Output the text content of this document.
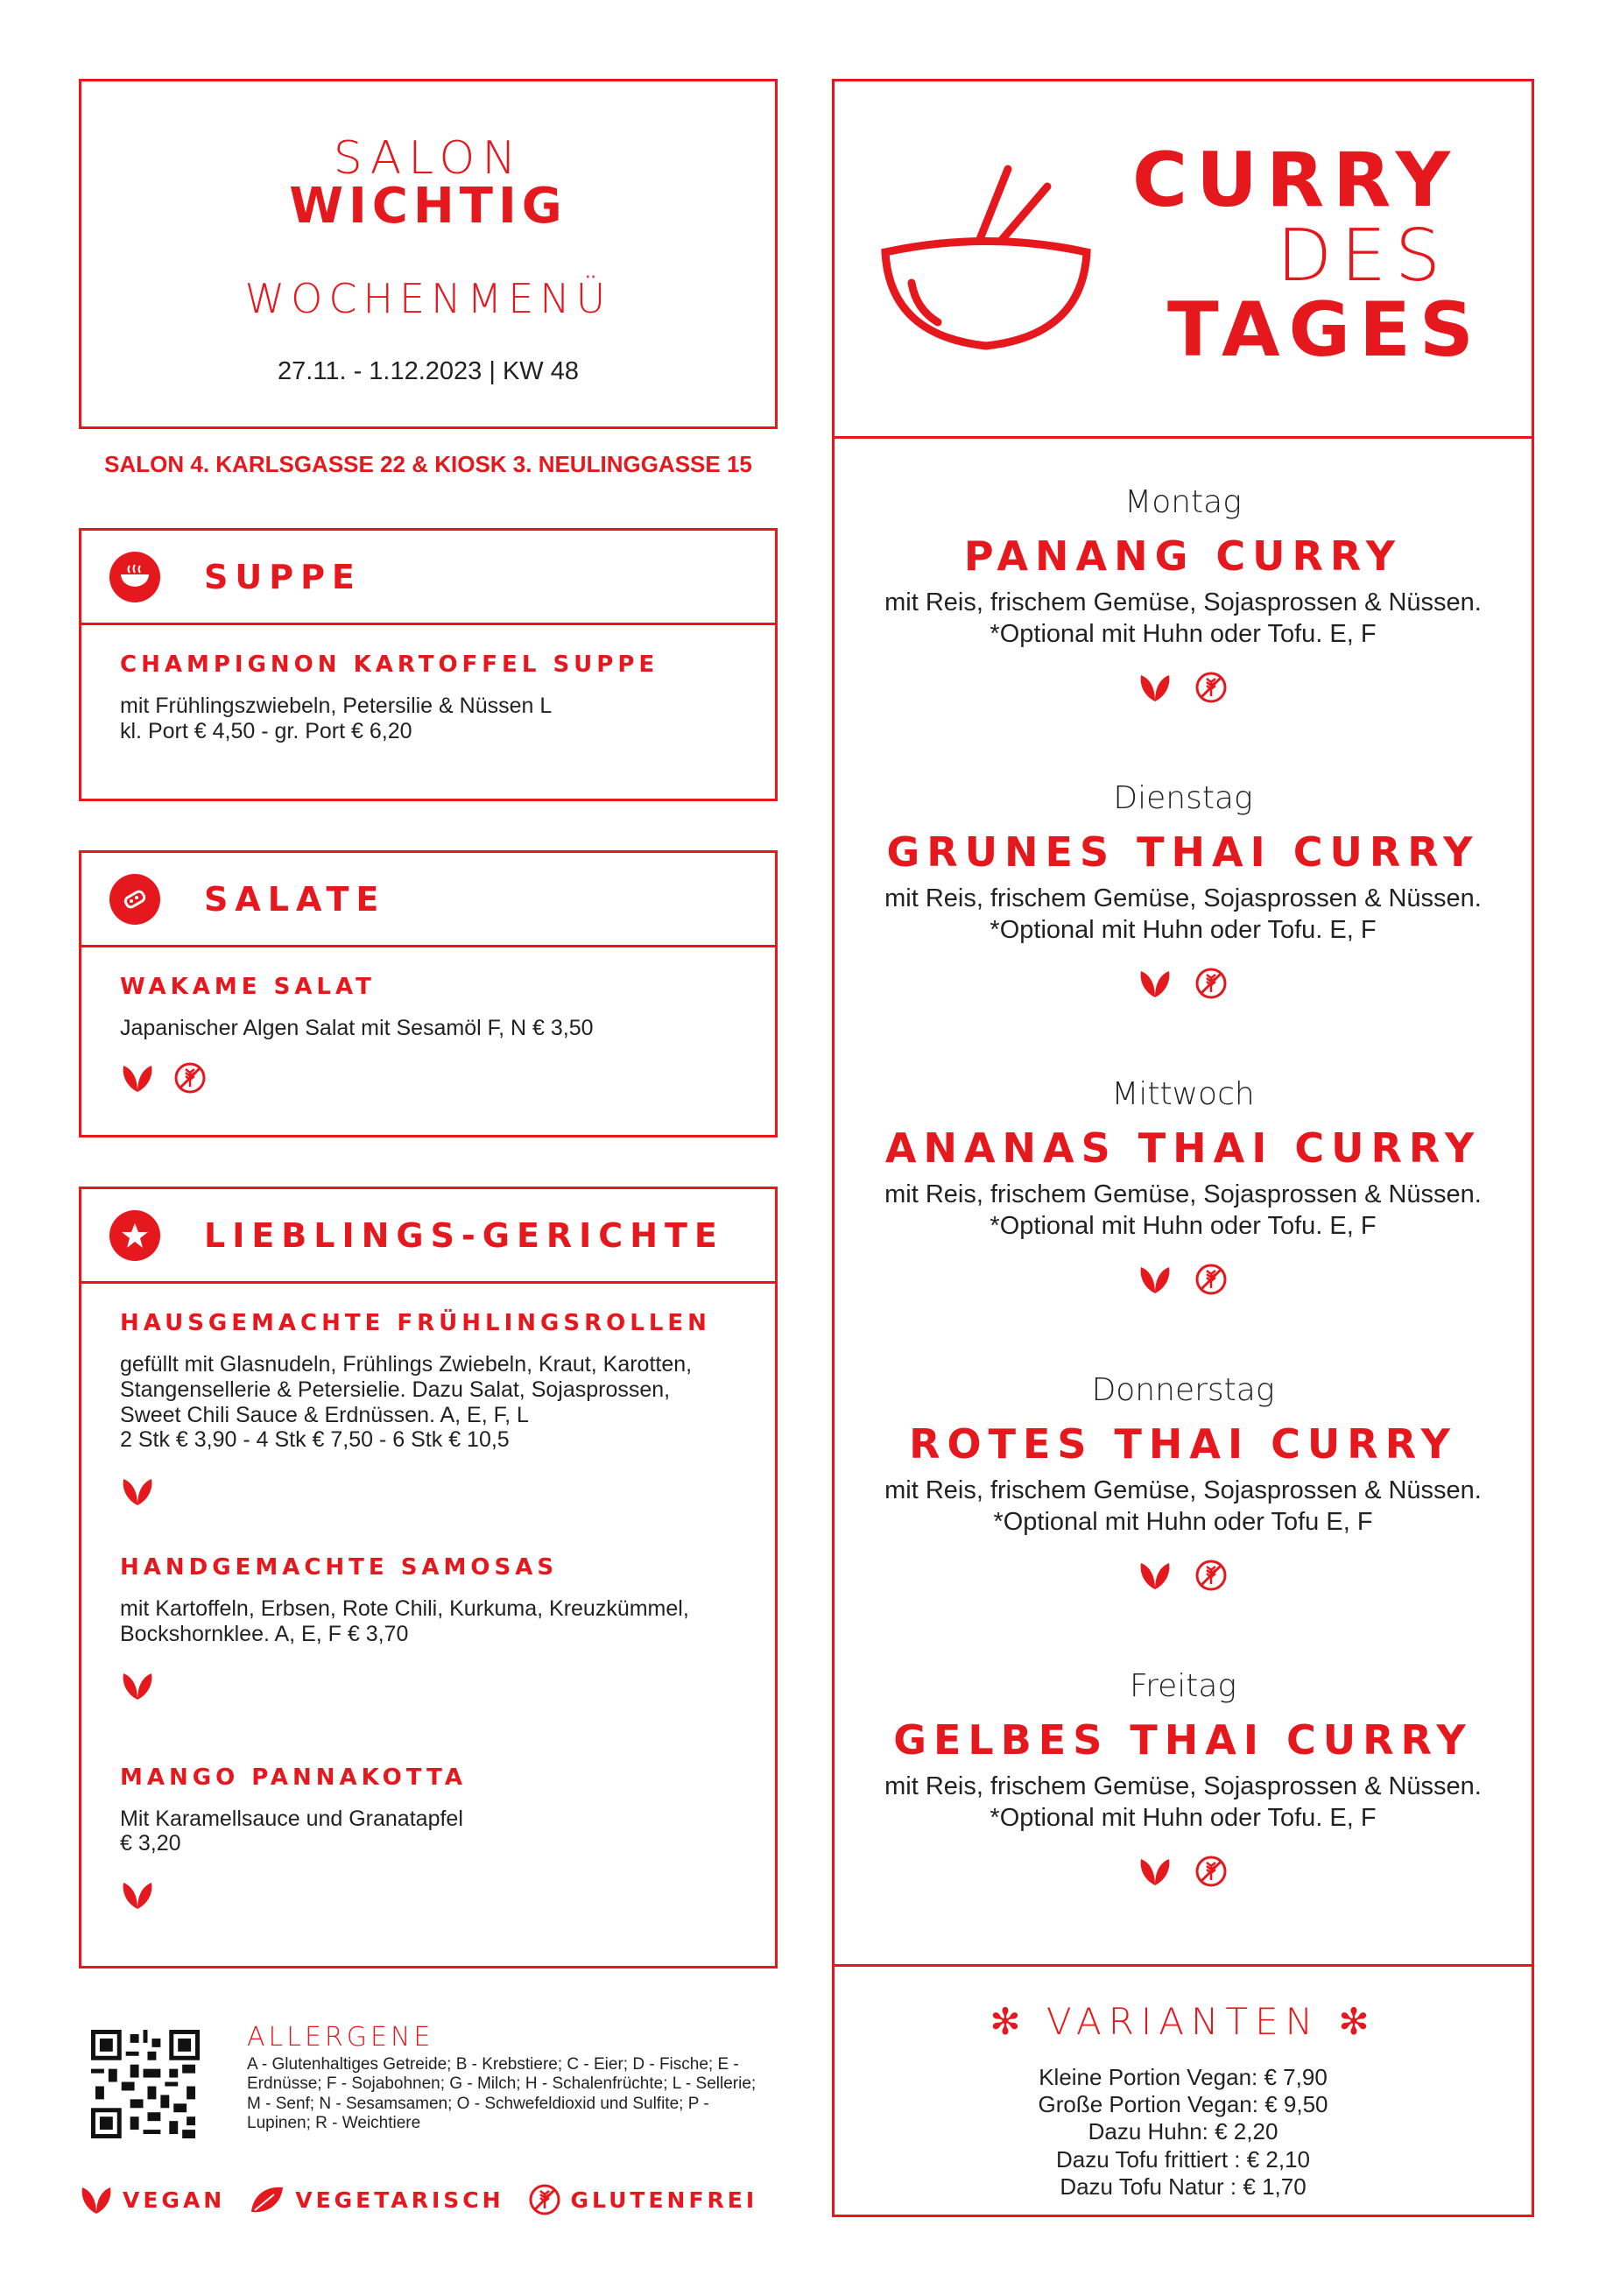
SALON
WICHTIG
WOCHENMENÜ
27.11. - 1.12.2023 | KW 48
SALON 4. KARLSGASSE 22 & KIOSK 3. NEULINGGASSE 15
SUPPE
CHAMPIGNON KARTOFFEL SUPPE
mit Frühlingszwiebeln, Petersilie & Nüssen L
kl. Port € 4,50 - gr. Port € 6,20
SALATE
WAKAME SALAT
Japanischer Algen Salat mit Sesamöl F, N € 3,50
LIEBLINGS-GERICHTE
HAUSGEMACHTE FRÜHLINGSROLLEN
gefüllt mit Glasnudeln, Frühlings Zwiebeln, Kraut, Karotten,
Stangensellerie & Petersielie. Dazu Salat, Sojasprossen,
Sweet Chili Sauce & Erdnüssen. A, E, F, L
2 Stk € 3,90 - 4 Stk € 7,50 - 6 Stk € 10,5
HANDGEMACHTE SAMOSAS
mit Kartoffeln, Erbsen, Rote Chili, Kurkuma, Kreuzkümmel,
Bockshornklee. A, E, F € 3,70
MANGO PANNAKOTTA
Mit Karamellsauce und Granatapfel
€ 3,20
ALLERGENE
A - Glutenhaltiges Getreide; B - Krebstiere; C - Eier; D - Fische; E - Erdnüsse; F - Sojabohnen; G - Milch; H - Schalenfrüchte; L - Sellerie; M - Senf; N - Sesamsamen; O - Schwefeldioxid und Sulfite; P - Lupinen; R - Weichtiere
VEGAN	VEGETARISCH	GLUTENFREI
CURRY
DES
TAGES
Montag
PANANG CURRY
mit Reis, frischem Gemüse, Sojasprossen & Nüssen.
*Optional mit Huhn oder Tofu. E, F
Dienstag
GRUNES THAI CURRY
mit Reis, frischem Gemüse, Sojasprossen & Nüssen.
*Optional mit Huhn oder Tofu. E, F
Mittwoch
ANANAS THAI CURRY
mit Reis, frischem Gemüse, Sojasprossen & Nüssen.
*Optional mit Huhn oder Tofu. E, F
Donnerstag
ROTES THAI CURRY
mit Reis, frischem Gemüse, Sojasprossen & Nüssen.
*Optional mit Huhn oder Tofu E, F
Freitag
GELBES THAI CURRY
mit Reis, frischem Gemüse, Sojasprossen & Nüssen.
*Optional mit Huhn oder Tofu. E, F
✻ VARIANTEN ✻
Kleine Portion Vegan: € 7,90
Große Portion Vegan: € 9,50
Dazu Huhn: € 2,20
Dazu Tofu frittiert : € 2,10
Dazu Tofu Natur : € 1,70
